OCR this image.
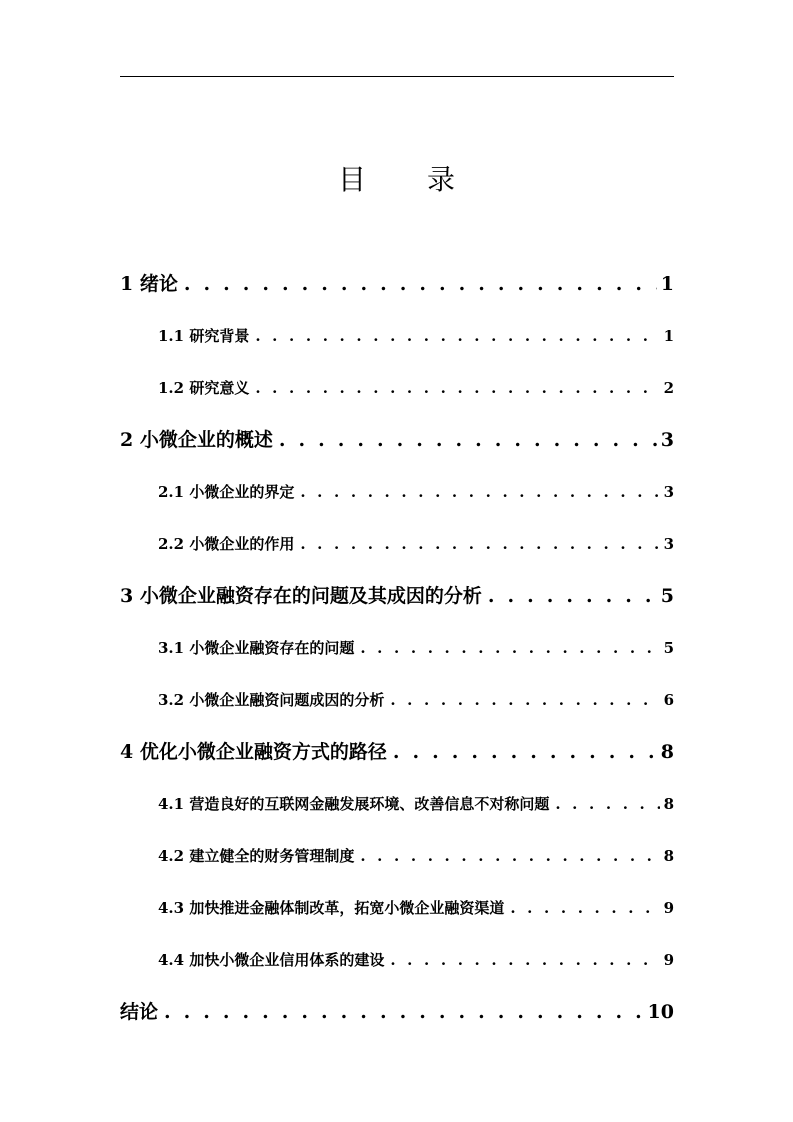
目 录
1 绪论 . . .	1
1.1 研究背景 . . .	1
1.2 研究意义 . . .	2
2 小微企业的概述 . . .	3
2.1 小微企业的界定 . . .	3
2.2 小微企业的作用 . . .	3
3 小微企业融资存在的问题及其成因的分析 . . .	5
3.1 小微企业融资存在的问题 . . .	5
3.2 小微企业融资问题成因的分析 . . .	6
4 优化小微企业融资方式的路径 . . .	8
4.1 营造良好的互联网金融发展环境、改善信息不对称问题 . . .	8
4.2 建立健全的财务管理制度 . . .	8
4.3 加快推进金融体制改革，拓宽小微企业融资渠道 . . .	9
4.4 加快小微企业信用体系的建设 . . .	9
结论 . . .	10
